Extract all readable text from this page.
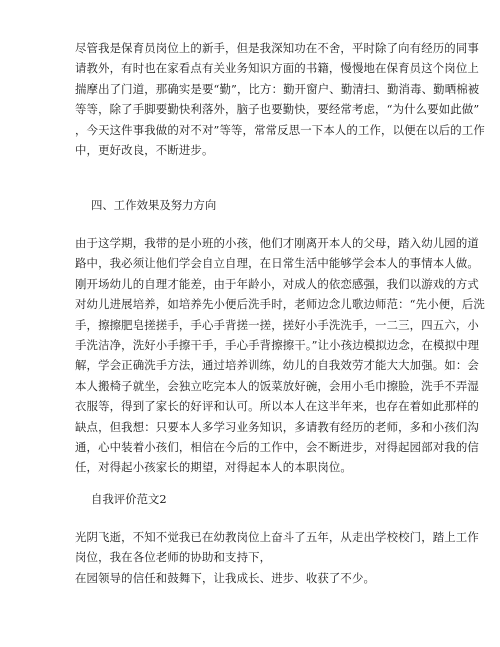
尽管我是保育员岗位上的新手，但是我深知功在不舍，平时除了向有经历的同事
请教外，有时也在家看点有关业务知识方面的书籍，慢慢地在保育员这个岗位上
揣摩出了门道，那确实是要“勤”，比方：勤开窗户、勤清扫、勤消毒、勤晒棉被
等等，除了手脚要勤快利落外，脑子也要勤快，要经常考虑，“为什么要如此做”
，今天这件事我做的对不对”等等，常常反思一下本人的工作，以便在以后的工作
中，更好改良，不断进步。
四、工作效果及努力方向
由于这学期，我带的是小班的小孩，他们才刚离开本人的父母，踏入幼儿园的道
路中，我必须让他们学会自立自理，在日常生活中能够学会本人的事情本人做。
刚开场幼儿的自理才能差，由于年龄小，对成人的依恋感强，我们以游戏的方式
对幼儿进展培养，如培养先小便后洗手时，老师边念儿歌边师范：“先小便，后洗
手，擦擦肥皂搓搓手，手心手背搓一搓，搓好小手洗洗手，一二三，四五六，小
手洗洁净，洗好小手擦干手，手心手背擦擦干。”让小孩边模拟边念，在模拟中理
解，学会正确洗手方法，通过培养训练，幼儿的自我效劳才能大大加强。如：会
本人搬椅子就坐，会独立吃完本人的饭菜放好碗，会用小毛巾擦脸，洗手不弄湿
衣服等，得到了家长的好评和认可。所以本人在这半年来，也存在着如此那样的
缺点，但我想：只要本人多学习业务知识，多请教有经历的老师，多和小孩们沟
通，心中装着小孩们，相信在今后的工作中，会不断进步，对得起园部对我的信
任，对得起小孩家长的期望，对得起本人的本职岗位。
自我评价范文2
光阴飞逝，不知不觉我已在幼教岗位上奋斗了五年，从走出学校校门，踏上工作
岗位，我在各位老师的协助和支持下，
在园领导的信任和鼓舞下，让我成长、进步、收获了不少。
